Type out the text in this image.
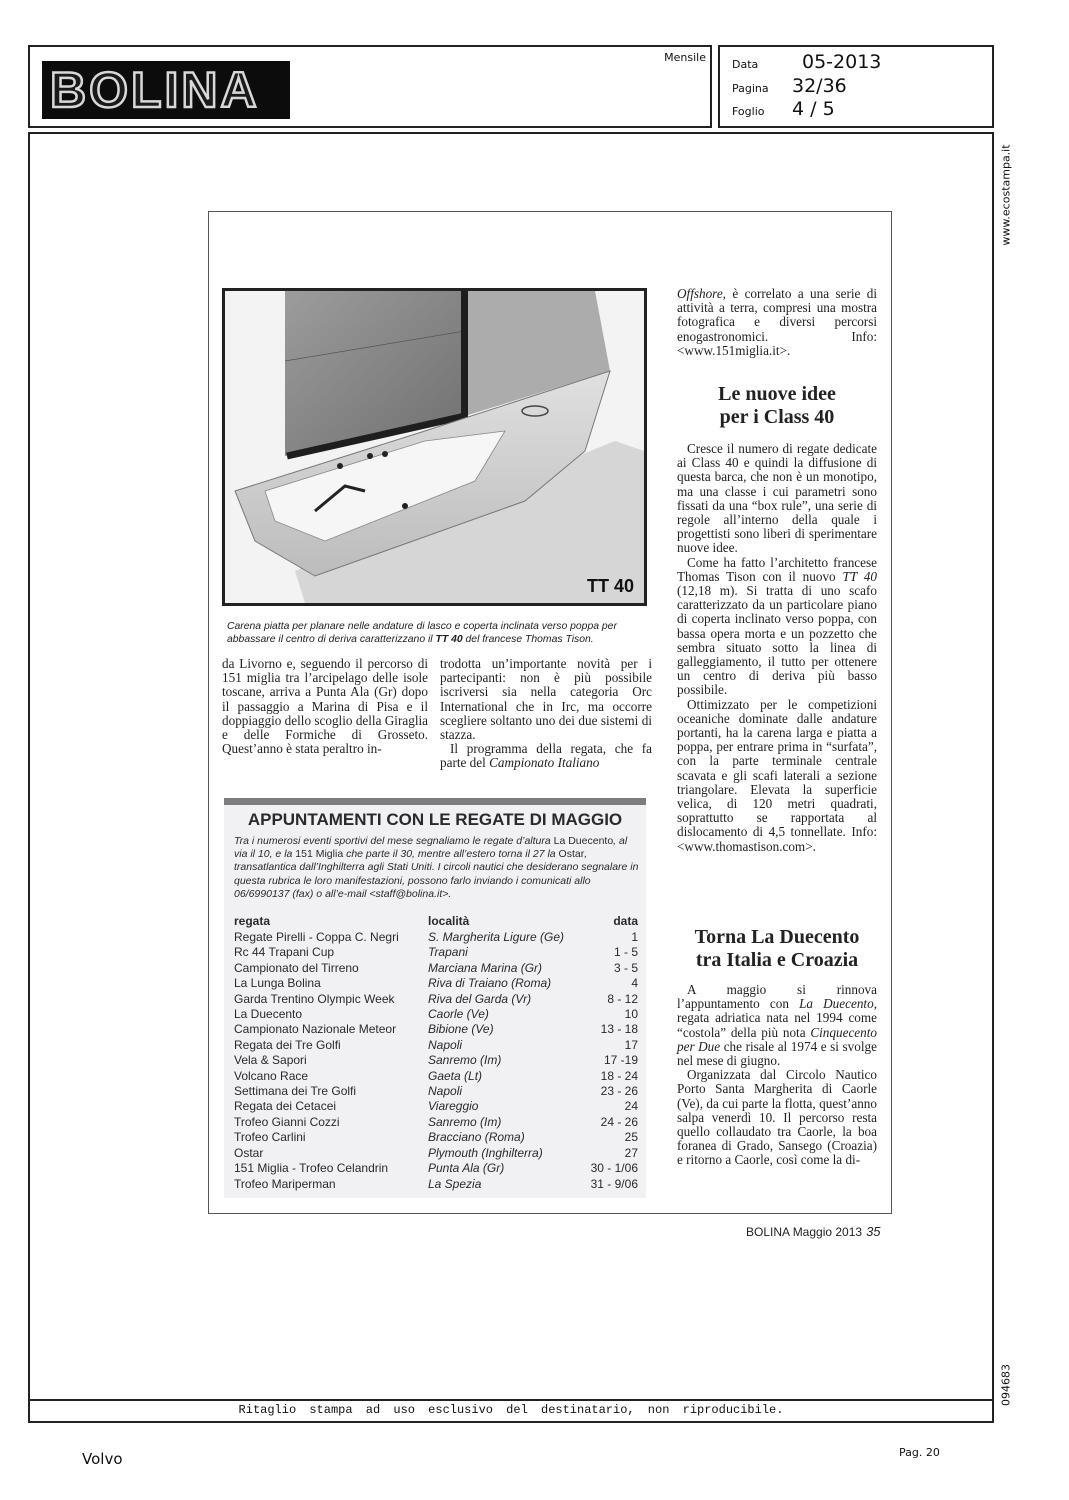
BOLINA
Mensile
Data	05-2013
Pagina	32/36
Foglio	4 / 5
Ritaglio stampa ad uso esclusivo del destinatario, non riproducibile.
www.ecostampa.it
094683
TT 40
Carena piatta per planare nelle andature di lasco e coperta inclinata verso poppa per abbassare il centro di deriva caratterizzano il TT 40 del francese Thomas Tison.

da Livorno e, seguendo il percorso di 151 miglia tra l’arcipelago delle isole toscane, arriva a Punta Ala (Gr) dopo il passaggio a Marina di Pisa e il doppiaggio dello scoglio della Giraglia e delle Formiche di Grosseto. Quest’anno è stata peraltro in-

trodotta un’importante novità per i partecipanti: non è più possibile iscriversi sia nella categoria Orc International che in Irc, ma occorre scegliere soltanto uno dei due sistemi di stazza.

Il programma della regata, che fa parte del Campionato Italiano

Offshore, è correlato a una serie di attività a terra, compresi una mostra fotografica e diversi percorsi enogastronomici. Info: <www.151miglia.it>.

Le nuove idee
per i Class 40

Cresce il numero di regate dedicate ai Class 40 e quindi la diffusione di questa barca, che non è un monotipo, ma una classe i cui parametri sono fissati da una “box rule”, una serie di regole all’interno della quale i progettisti sono liberi di sperimentare nuove idee.

Come ha fatto l’architetto francese Thomas Tison con il nuovo TT 40 (12,18 m). Si tratta di uno scafo caratterizzato da un particolare piano di coperta inclinato verso poppa, con bassa opera morta e un pozzetto che sembra situato sotto la linea di galleggiamento, il tutto per ottenere un centro di deriva più basso possibile.

Ottimizzato per le competizioni oceaniche dominate dalle andature portanti, ha la carena larga e piatta a poppa, per entrare prima in “surfata”, con la parte terminale centrale scavata e gli scafi laterali a sezione triangolare. Elevata la superficie velica, di 120 metri quadrati, soprattutto se rapportata al dislocamento di 4,5 tonnellate. Info: <www.thomastison.com>.

Torna La Duecento
tra Italia e Croazia

A maggio si rinnova l’appuntamento con La Duecento, regata adriatica nata nel 1994 come “costola” della più nota Cinquecento per Due che risale al 1974 e si svolge nel mese di giugno.

Organizzata dal Circolo Nautico Porto Santa Margherita di Caorle (Ve), da cui parte la flotta, quest’anno salpa venerdì 10. Il percorso resta quello collaudato tra Caorle, la boa foranea di Grado, Sansego (Croazia) e ritorno a Caorle, così come la di-

APPUNTAMENTI CON LE REGATE DI MAGGIO
Tra i numerosi eventi sportivi del mese segnaliamo le regate d’altura La Duecento, al via il 10, e la 151 Miglia che parte il 30, mentre all’estero torna il 27 la Ostar, transatlantica dall’Inghilterra agli Stati Uniti. I circoli nautici che desiderano segnalare in questa rubrica le loro manifestazioni, possono farlo inviando i comunicati allo 06/6990137 (fax) o all’e-mail <staff@bolina.it>.
regata	località	data
Regate Pirelli - Coppa C. Negri	S. Margherita Ligure (Ge)	1
Rc 44 Trapani Cup	Trapani	1 - 5
Campionato del Tirreno	Marciana Marina (Gr)	3 - 5
La Lunga Bolina	Riva di Traiano (Roma)	4
Garda Trentino Olympic Week	Riva del Garda (Vr)	8 - 12
La Duecento	Caorle (Ve)	10
Campionato Nazionale Meteor	Bibione (Ve)	13 - 18
Regata dei Tre Golfi	Napoli	17
Vela & Sapori	Sanremo (Im)	17 -19
Volcano Race	Gaeta (Lt)	18 - 24
Settimana dei Tre Golfi	Napoli	23 - 26
Regata dei Cetacei	Viareggio	24
Trofeo Gianni Cozzi	Sanremo (Im)	24 - 26
Trofeo Carlini	Bracciano (Roma)	25
Ostar	Plymouth (Inghilterra)	27
151 Miglia - Trofeo Celandrin	Punta Ala (Gr)	30 - 1/06
Trofeo Mariperman	La Spezia	31 - 9/06
BOLINA Maggio 2013 35
Volvo	Pag. 20
